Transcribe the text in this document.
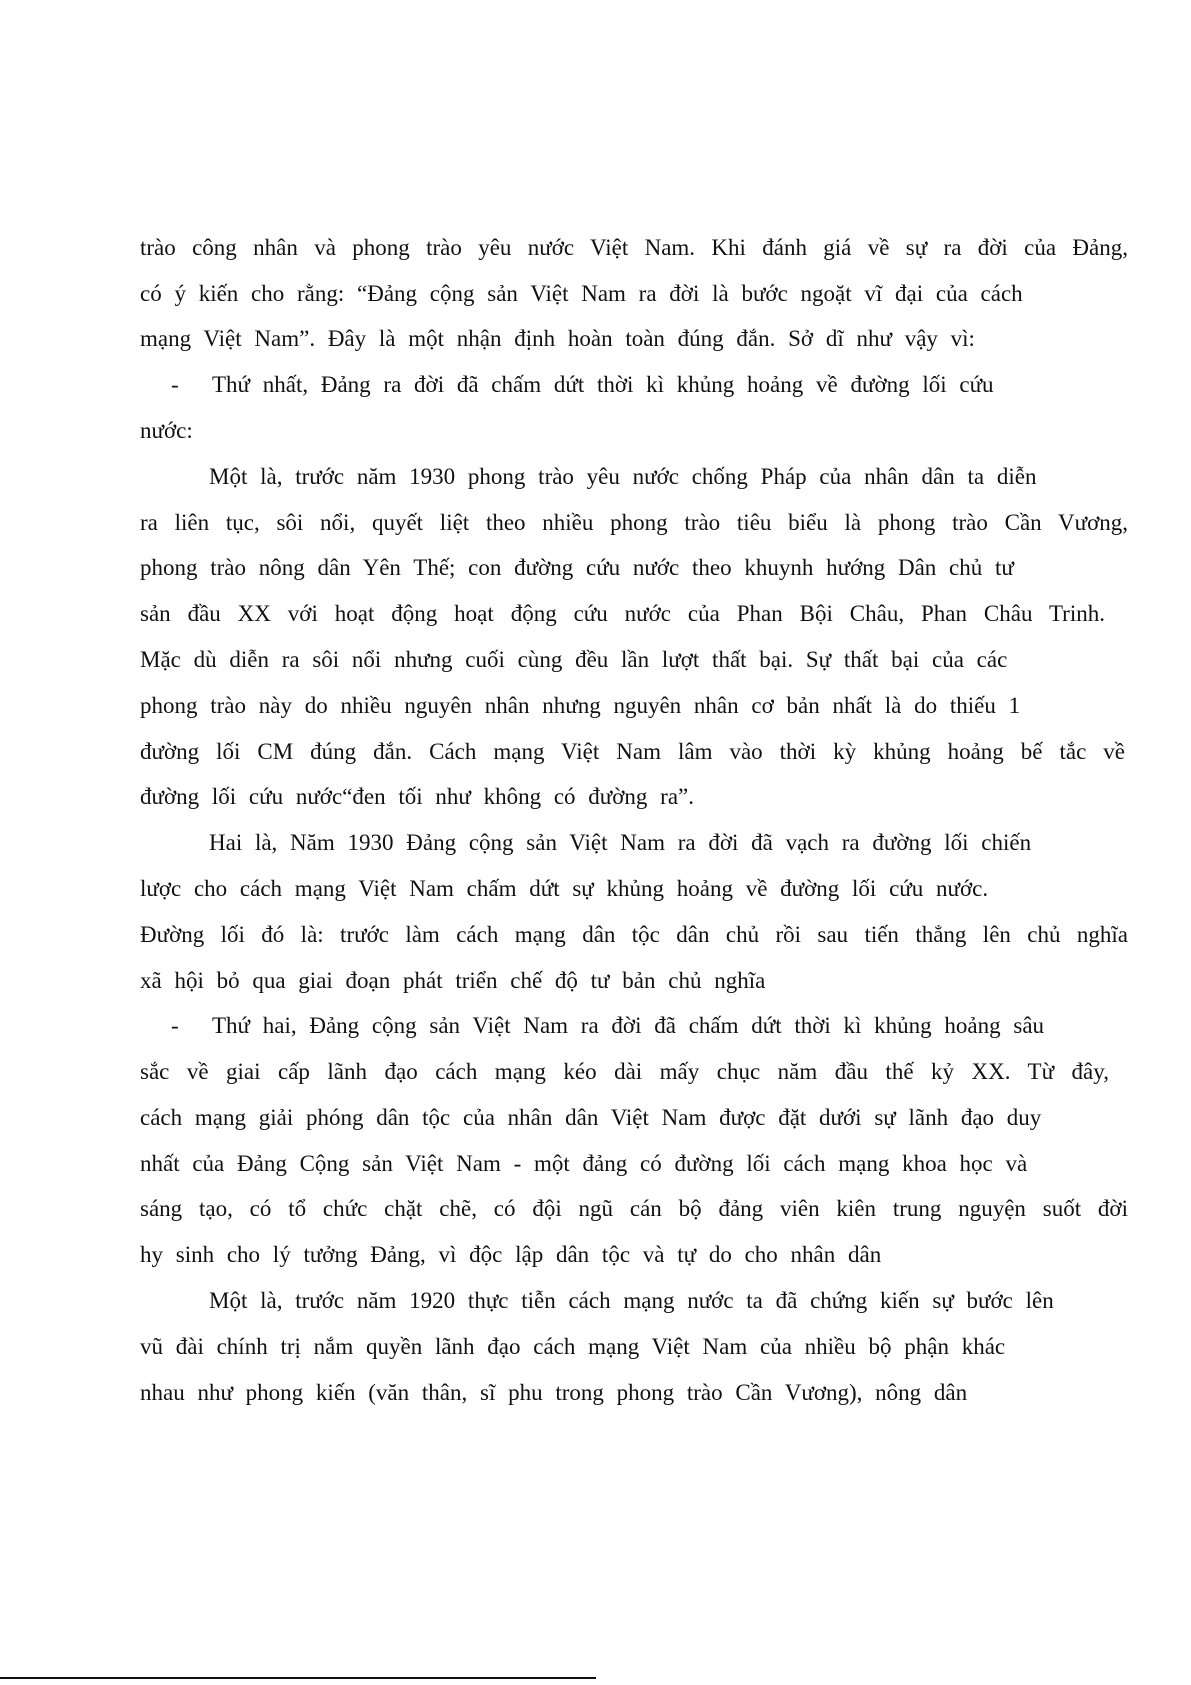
trào công nhân và phong trào yêu nước Việt Nam. Khi đánh giá về sự ra đời của Đảng,
có ý kiến cho rằng: “Đảng cộng sản Việt Nam ra đời là bước ngoặt vĩ đại của cách
mạng Việt Nam”. Đây là một nhận định hoàn toàn đúng đắn. Sở dĩ như vậy vì:
- Thứ nhất, Đảng ra đời đã chấm dứt thời kì khủng hoảng về đường lối cứu
nước:
Một là, trước năm 1930 phong trào yêu nước chống Pháp của nhân dân ta diễn
ra liên tục, sôi nổi, quyết liệt theo nhiều phong trào tiêu biểu là phong trào Cần Vương,
phong trào nông dân Yên Thế; con đường cứu nước theo khuynh hướng Dân chủ tư
sản đầu XX với hoạt động hoạt động cứu nước của Phan Bội Châu, Phan Châu Trinh.
Mặc dù diễn ra sôi nổi nhưng cuối cùng đều lần lượt thất bại. Sự thất bại của các
phong trào này do nhiều nguyên nhân nhưng nguyên nhân cơ bản nhất là do thiếu 1
đường lối CM đúng đắn. Cách mạng Việt Nam lâm vào thời kỳ khủng hoảng bế tắc về
đường lối cứu nước“đen tối như không có đường ra”.
Hai là, Năm 1930 Đảng cộng sản Việt Nam ra đời đã vạch ra đường lối chiến
lược cho cách mạng Việt Nam chấm dứt sự khủng hoảng về đường lối cứu nước.
Đường lối đó là: trước làm cách mạng dân tộc dân chủ rồi sau tiến thẳng lên chủ nghĩa
xã hội bỏ qua giai đoạn phát triển chế độ tư bản chủ nghĩa
- Thứ hai, Đảng cộng sản Việt Nam ra đời đã chấm dứt thời kì khủng hoảng sâu
sắc về giai cấp lãnh đạo cách mạng kéo dài mấy chục năm đầu thế kỷ XX. Từ đây,
cách mạng giải phóng dân tộc của nhân dân Việt Nam được đặt dưới sự lãnh đạo duy
nhất của Đảng Cộng sản Việt Nam - một đảng có đường lối cách mạng khoa học và
sáng tạo, có tổ chức chặt chẽ, có đội ngũ cán bộ đảng viên kiên trung nguyện suốt đời
hy sinh cho lý tưởng Đảng, vì độc lập dân tộc và tự do cho nhân dân
Một là, trước năm 1920 thực tiễn cách mạng nước ta đã chứng kiến sự bước lên
vũ đài chính trị nắm quyền lãnh đạo cách mạng Việt Nam của nhiều bộ phận khác
nhau như phong kiến (văn thân, sĩ phu trong phong trào Cần Vương), nông dân
